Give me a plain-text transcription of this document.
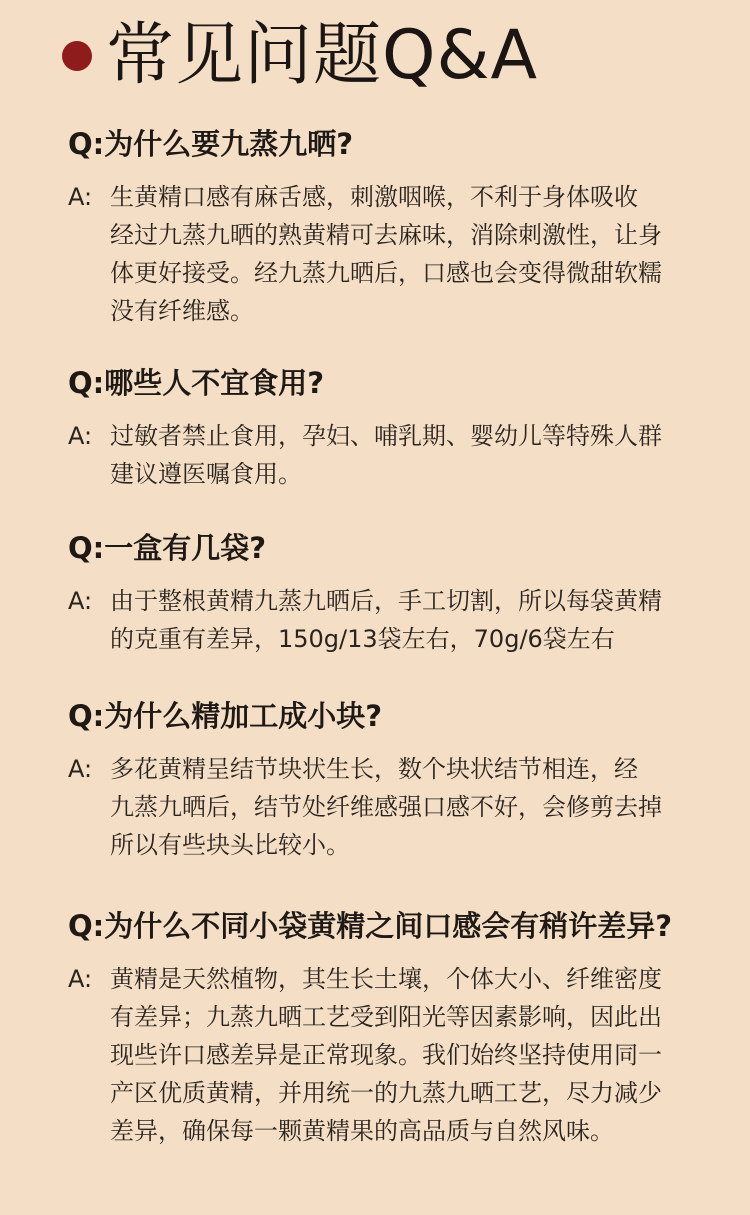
常见问题Q&A
Q:为什么要九蒸九晒?
A: 生黄精口感有麻舌感，刺激咽喉，不利于身体吸收
经过九蒸九晒的熟黄精可去麻味，消除刺激性，让身
体更好接受。经九蒸九晒后，口感也会变得微甜软糯
没有纤维感。
Q:哪些人不宜食用?
A: 过敏者禁止食用，孕妇、哺乳期、婴幼儿等特殊人群
建议遵医嘱食用。
Q:一盒有几袋?
A: 由于整根黄精九蒸九晒后，手工切割，所以每袋黄精
的克重有差异，150g/13袋左右，70g/6袋左右
Q:为什么精加工成小块?
A: 多花黄精呈结节块状生长，数个块状结节相连，经
九蒸九晒后，结节处纤维感强口感不好，会修剪去掉
所以有些块头比较小。
Q:为什么不同小袋黄精之间口感会有稍许差异?
A: 黄精是天然植物，其生长土壤，个体大小、纤维密度
有差异；九蒸九晒工艺受到阳光等因素影响，因此出
现些许口感差异是正常现象。我们始终坚持使用同一
产区优质黄精，并用统一的九蒸九晒工艺，尽力减少
差异，确保每一颗黄精果的高品质与自然风味。
